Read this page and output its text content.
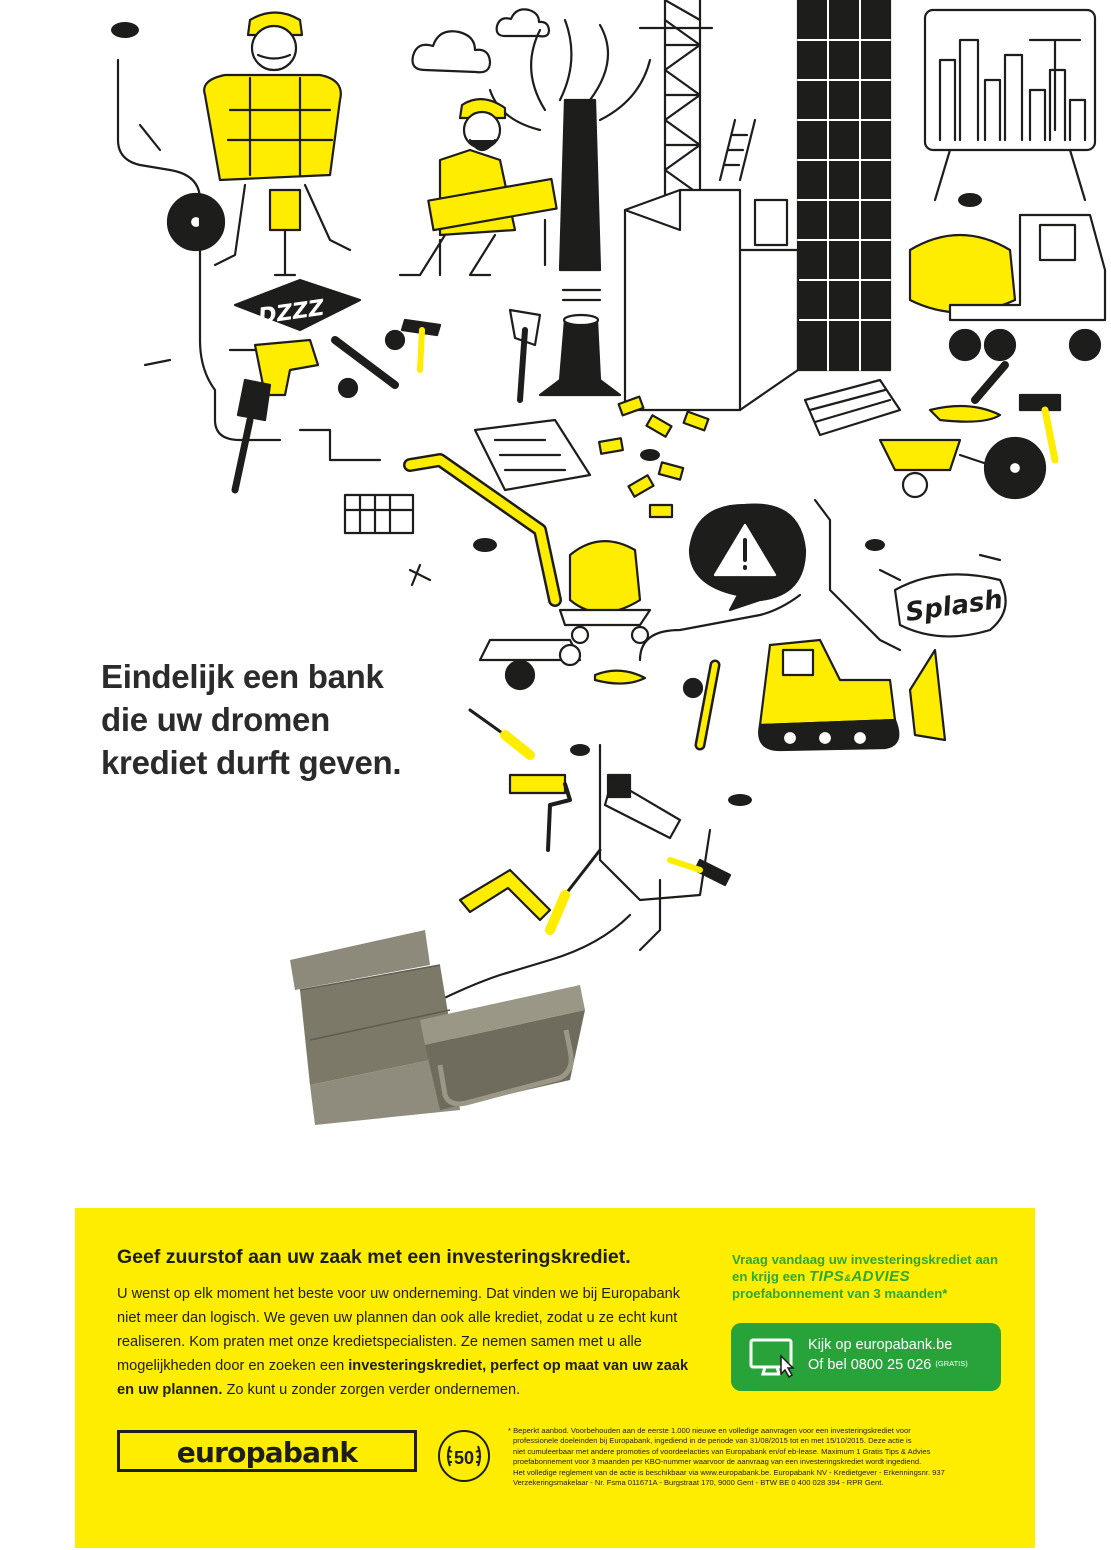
Splash
DZZZ
Eindelijk een bank
die uw dromen
krediet durft geven.
Geef zuurstof aan uw zaak met een investeringskrediet.
U wenst op elk moment het beste voor uw onderneming. Dat vinden we bij Europabank niet meer dan logisch. We geven uw plannen dan ook alle krediet, zodat u ze echt kunt realiseren. Kom praten met onze kredietspecialisten. Ze nemen samen met u alle mogelijkheden door en zoeken een investeringskrediet, perfect op maat van uw zaak en uw plannen. Zo kunt u zonder zorgen verder ondernemen.
Vraag vandaag uw investeringskrediet aan
en krijg een TIPS&ADVIES
proefabonnement van 3 maanden*
Kijk op europabank.be
Of bel 0800 25 026 $^{(GRATIS)}$
europabank	50
* Beperkt aanbod. Voorbehouden aan de eerste 1.000 nieuwe en volledige aanvragen voor een investeringskrediet voor
professionele doeleinden bij Europabank, ingediend in de periode van 31/08/2015 tot en met 15/10/2015. Deze actie is
niet cumuleerbaar met andere promoties of voordeelacties van Europabank en/of eb-lease. Maximum 1 Gratis Tips & Advies
proefabonnement voor 3 maanden per KBO-nummer waarvoor de aanvraag van een investeringskrediet wordt ingediend.
Het volledige reglement van de actie is beschikbaar via www.europabank.be. Europabank NV - Kredietgever - Erkenningsnr. 937
Verzekeringsmakelaar - Nr. Fsma 011671A - Burgstraat 170, 9000 Gent - BTW BE 0 400 028 394 - RPR Gent.
